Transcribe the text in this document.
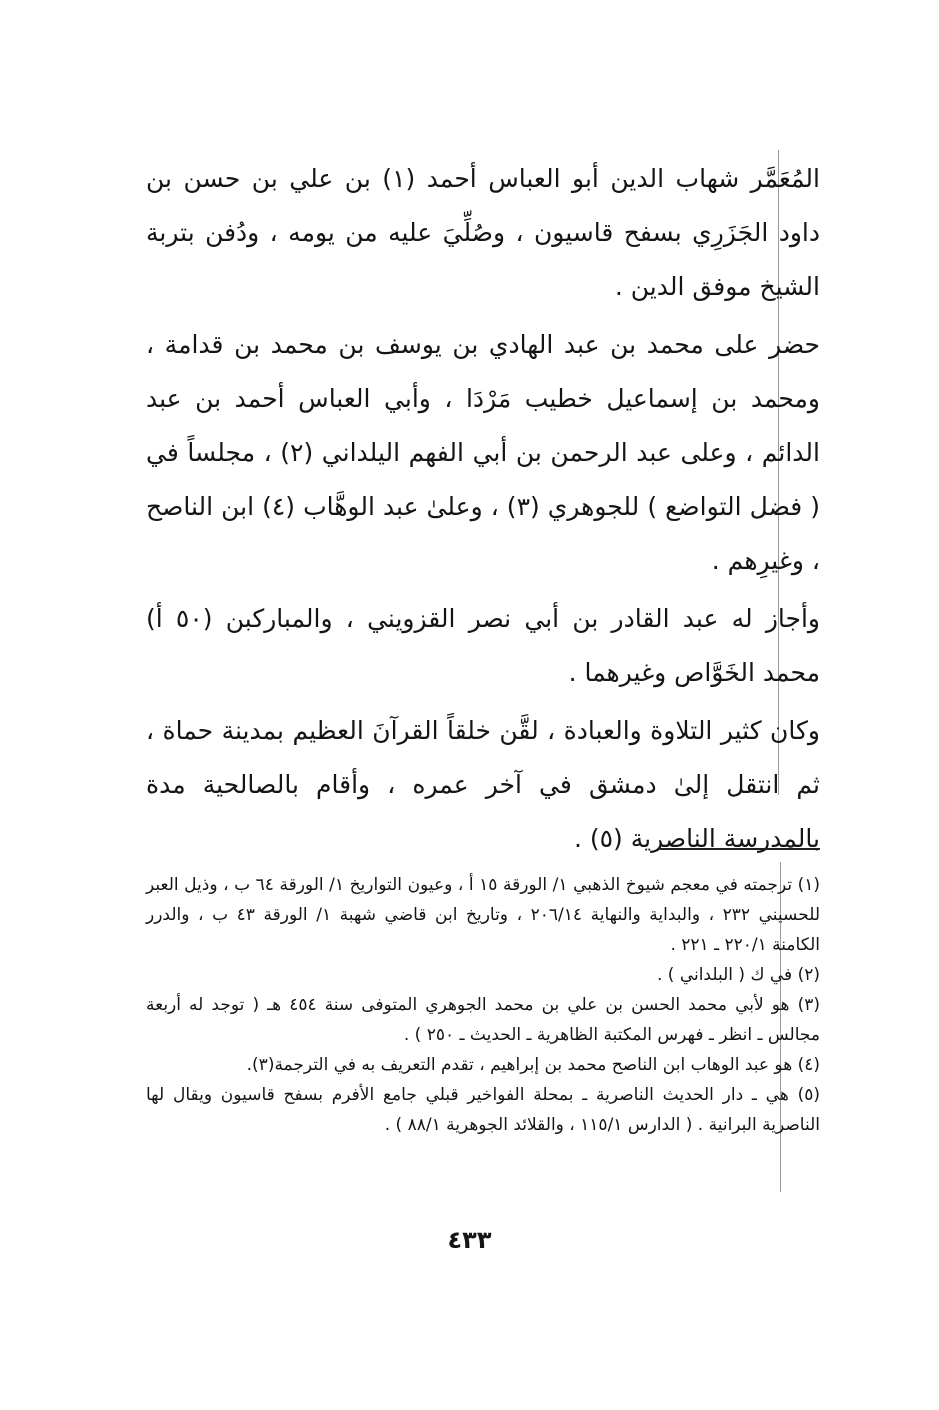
المُعَمَّر شهاب الدين أبو العباس أحمد (١) بن علي بن حسن بن داود الجَزَرِي بسفح قاسيون ، وصُلِّيَ عليه من يومه ، ودُفن بتربة الشيخ موفق الدين .

حضر على محمد بن عبد الهادي بن يوسف بن محمد بن قدامة ، ومحمد بن إسماعيل خطيب مَرْدَا ، وأبي العباس أحمد بن عبد الدائم ، وعلى عبد الرحمن بن أبي الفهم اليلداني (٢) ، مجلساً في ( فضل التواضع ) للجوهري (٣) ، وعلىٰ عبد الوهَّاب (٤) ابن الناصح ، وغيرِهم .

وأجاز له عبد القادر بن أبي نصر القزويني ، والمباركبن (٥٠ أ) محمد الخَوَّاص وغيرهما .

وكان كثير التلاوة والعبادة ، لقَّن خلقاً القرآنَ العظيم بمدينة حماة ، ثم انتقل إلىٰ دمشق في آخر عمره ، وأقام بالصالحية مدة بالمدرسة الناصرية (٥) .

(١) ترجمته في معجم شيوخ الذهبي ١/ الورقة ١٥ أ ، وعيون التواريخ ١/ الورقة ٦٤ ب ، وذيل العبر للحسيني ٢٣٢ ، والبداية والنهاية ٢٠٦/١٤ ، وتاريخ ابن قاضي شهبة ١/ الورقة ٤٣ ب ، والدرر الكامنة ٢٢٠/١ ـ ٢٢١ .

(٢) في ك ( البلداني ) .

(٣) هو لأبي محمد الحسن بن علي بن محمد الجوهري المتوفى سنة ٤٥٤ هـ ( توجد له أربعة مجالس ـ انظر ـ فهرس المكتبة الظاهرية ـ الحديث ـ ٢٥٠ ) .

(٤) هو عبد الوهاب ابن الناصح محمد بن إبراهيم ، تقدم التعريف به في الترجمة(٣).

(٥) هي ـ دار الحديث الناصرية ـ بمحلة الفواخير قبلي جامع الأفرم بسفح قاسيون ويقال لها الناصرية البرانية . ( الدارس ١١٥/١ ، والقلائد الجوهرية ٨٨/١ ) .

٤٣٣
